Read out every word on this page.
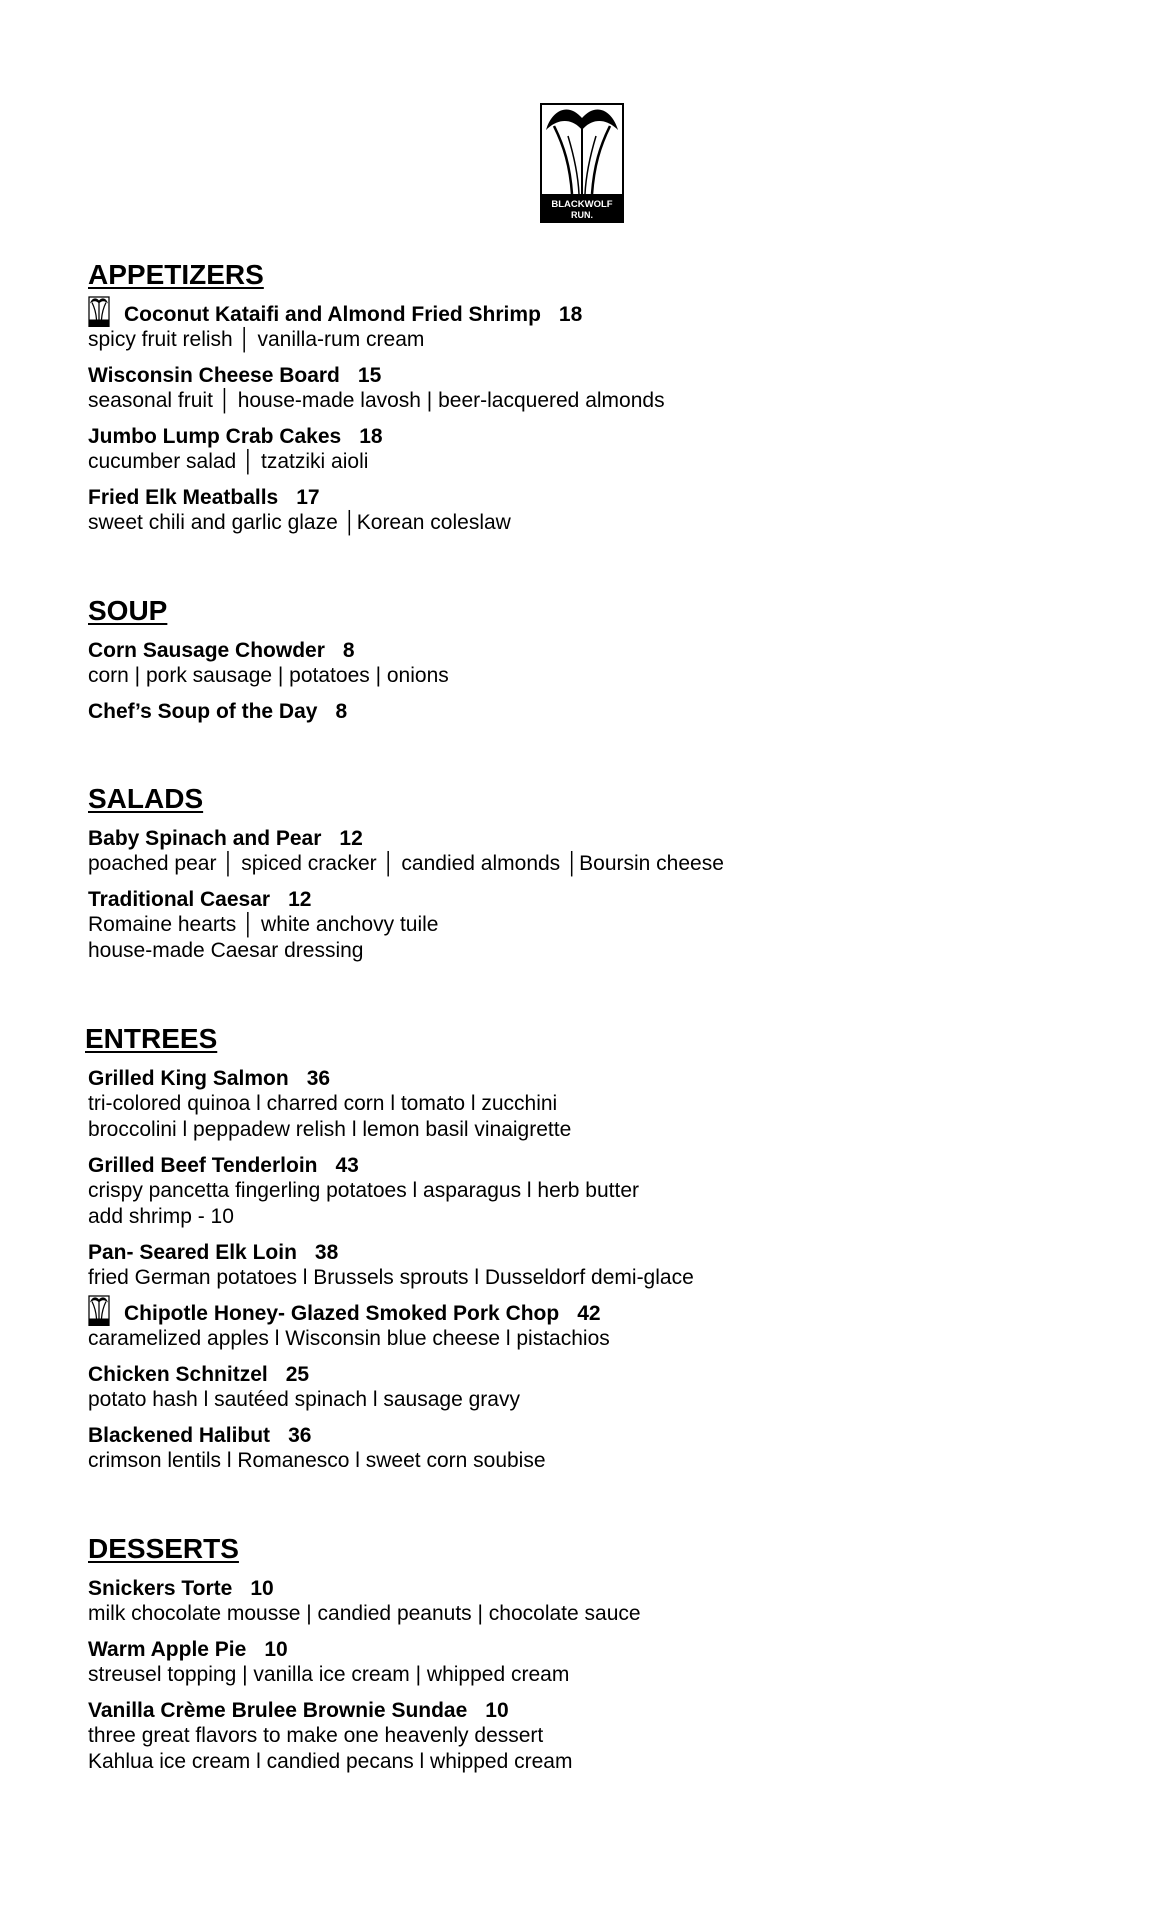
BLACKWOLF
RUN.
APPETIZERS
Coconut Kataifi and Almond Fried Shrimp 18
spicy fruit relish │ vanilla-rum cream
Wisconsin Cheese Board 15
seasonal fruit │ house-made lavosh | beer-lacquered almonds
Jumbo Lump Crab Cakes 18
cucumber salad │ tzatziki aioli
Fried Elk Meatballs 17
sweet chili and garlic glaze │Korean coleslaw
SOUP
Corn Sausage Chowder 8
corn | pork sausage | potatoes | onions
Chef’s Soup of the Day 8
SALADS
Baby Spinach and Pear 12
poached pear │ spiced cracker │ candied almonds │Boursin cheese
Traditional Caesar 12
Romaine hearts │ white anchovy tuile
house-made Caesar dressing
ENTREES
Grilled King Salmon 36
tri-colored quinoa l charred corn l tomato l zucchini
broccolini l peppadew relish l lemon basil vinaigrette
Grilled Beef Tenderloin 43
crispy pancetta fingerling potatoes l asparagus l herb butter
add shrimp - 10
Pan- Seared Elk Loin 38
fried German potatoes l Brussels sprouts l Dusseldorf demi-glace
Chipotle Honey- Glazed Smoked Pork Chop 42
caramelized apples l Wisconsin blue cheese l pistachios
Chicken Schnitzel 25
potato hash l sautéed spinach l sausage gravy
Blackened Halibut 36
crimson lentils l Romanesco l sweet corn soubise
DESSERTS
Snickers Torte 10
milk chocolate mousse | candied peanuts | chocolate sauce
Warm Apple Pie 10
streusel topping | vanilla ice cream | whipped cream
Vanilla Crème Brulee Brownie Sundae 10
three great flavors to make one heavenly dessert
Kahlua ice cream l candied pecans l whipped cream
